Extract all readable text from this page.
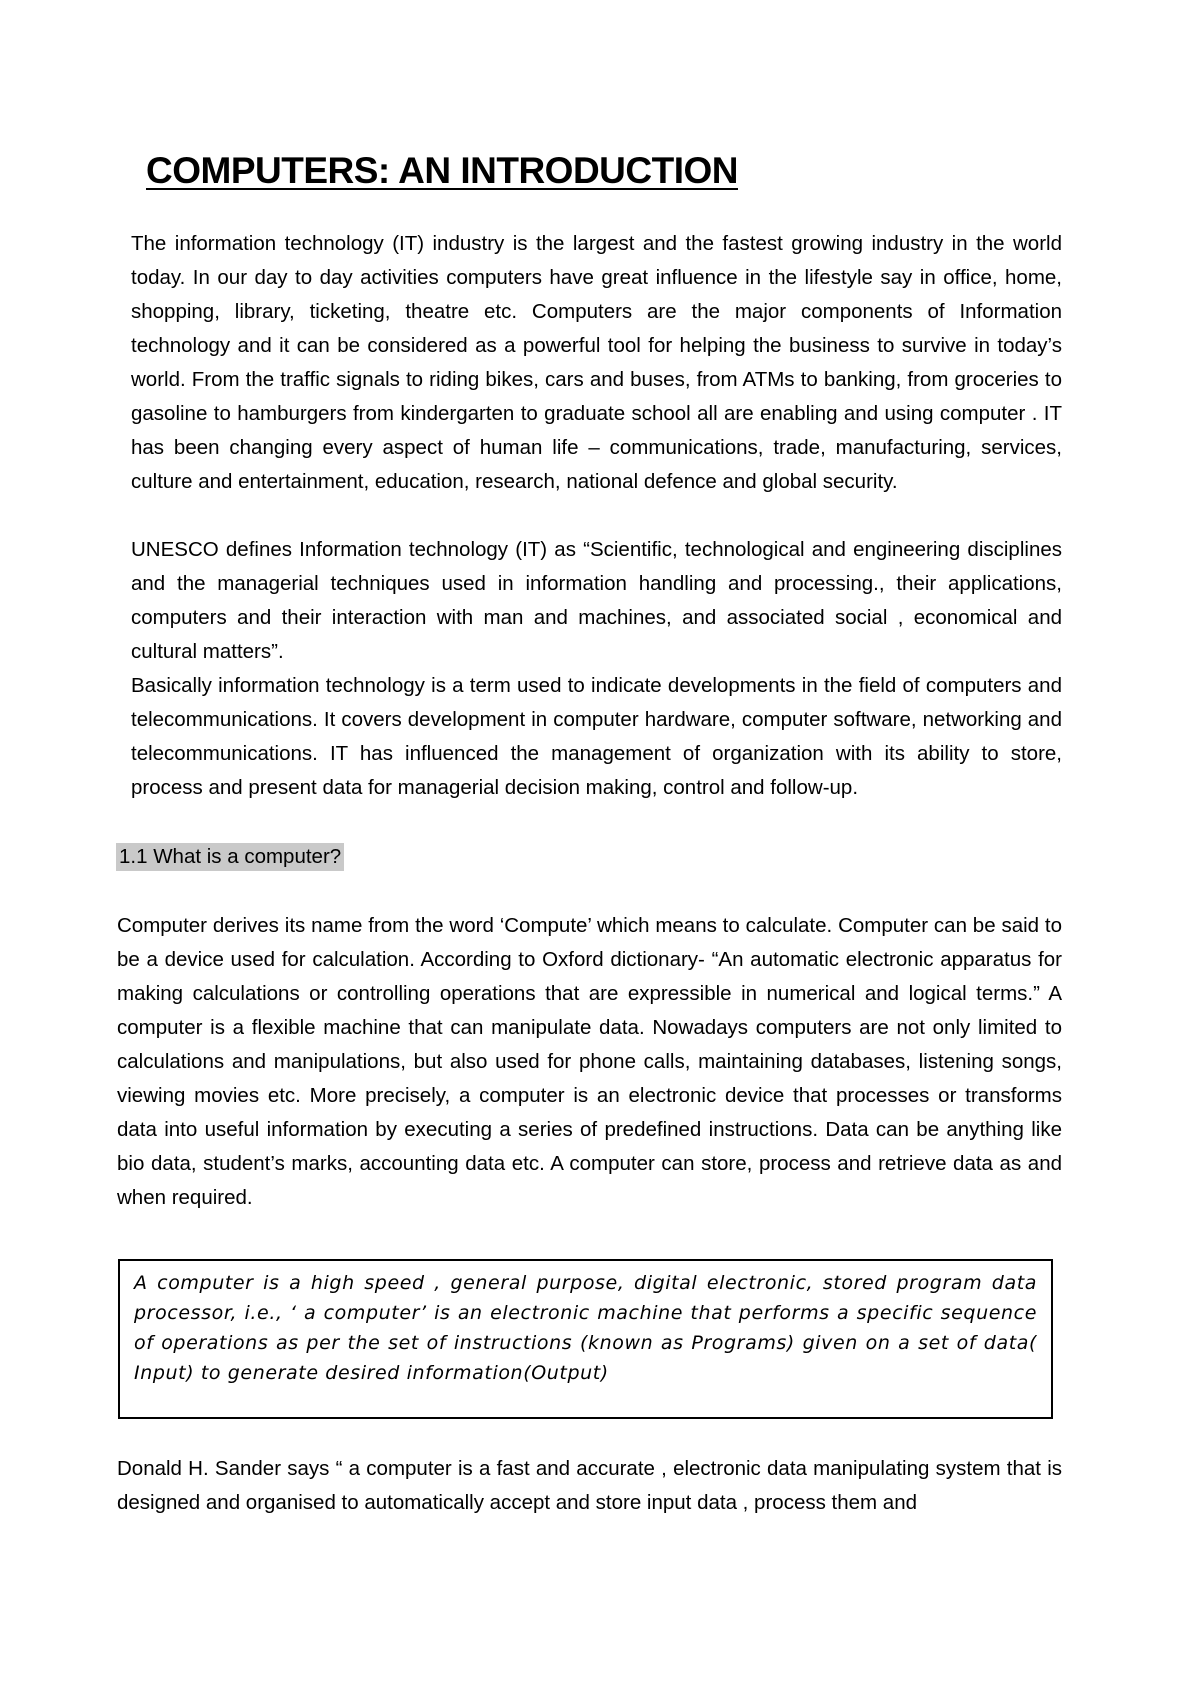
COMPUTERS: AN INTRODUCTION

The information technology (IT) industry is the largest and the fastest growing industry in the world today. In our day to day activities computers have great influence in the lifestyle say in office, home, shopping, library, ticketing, theatre etc. Computers are the major components of Information technology and it can be considered as a powerful tool for helping the business to survive in today’s world. From the traffic signals to riding bikes, cars and buses, from ATMs to banking, from groceries to gasoline to hamburgers from kindergarten to graduate school all are enabling and using computer . IT has been changing every aspect of human life – communications, trade, manufacturing, services, culture and entertainment, education, research, national defence and global security.

UNESCO defines Information technology (IT) as “Scientific, technological and engineering disciplines and the managerial techniques used in information handling and processing., their applications, computers and their interaction with man and machines, and associated social , economical and cultural matters”.

Basically information technology is a term used to indicate developments in the field of computers and telecommunications. It covers development in computer hardware, computer software, networking and telecommunications. IT has influenced the management of organization with its ability to store, process and present data for managerial decision making, control and follow-up.

1.1 What is a computer?

Computer derives its name from the word ‘Compute’ which means to calculate. Computer can be said to be a device used for calculation. According to Oxford dictionary- “An automatic electronic apparatus for making calculations or controlling operations that are expressible in numerical and logical terms.” A computer is a flexible machine that can manipulate data. Nowadays computers are not only limited to calculations and manipulations, but also used for phone calls, maintaining databases, listening songs, viewing movies etc. More precisely, a computer is an electronic device that processes or transforms data into useful information by executing a series of predefined instructions. Data can be anything like bio data, student’s marks, accounting data etc. A computer can store, process and retrieve data as and when required.

A computer is a high speed , general purpose, digital electronic, stored program data processor, i.e., ‘ a computer’ is an electronic machine that performs a specific sequence of operations as per the set of instructions (known as Programs) given on a set of data( Input) to generate desired information(Output)

Donald H. Sander says “ a computer is a fast and accurate , electronic data manipulating system that is designed and organised to automatically accept and store input data , process them and
